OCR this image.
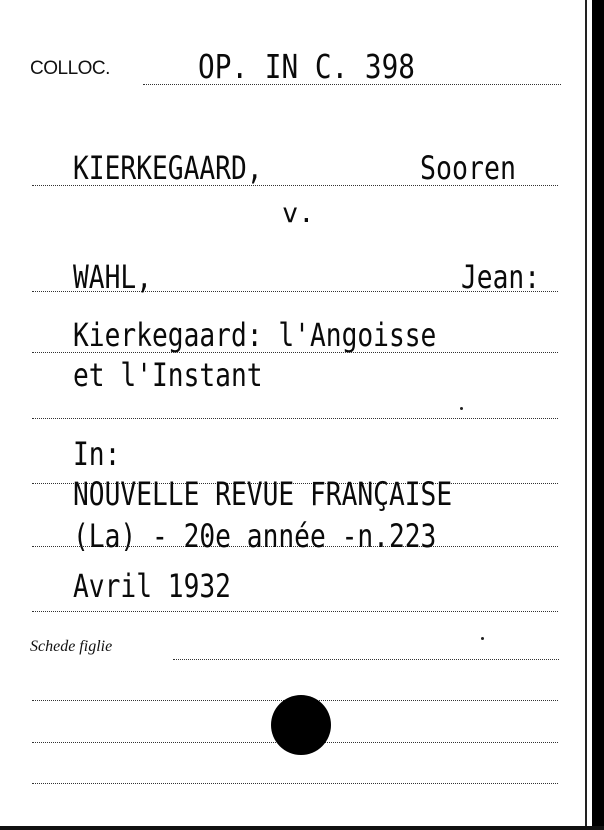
COLLOC.	OP. IN C. 398
KIERKEGAARD,	Sooren
v.
WAHL,	Jean:
Kierkegaard: l'Angoisse
et l'Instant
In:
NOUVELLE REVUE FRANÇAISE
(La) - 20e année -n.223
Avril 1932
Schede figlie
